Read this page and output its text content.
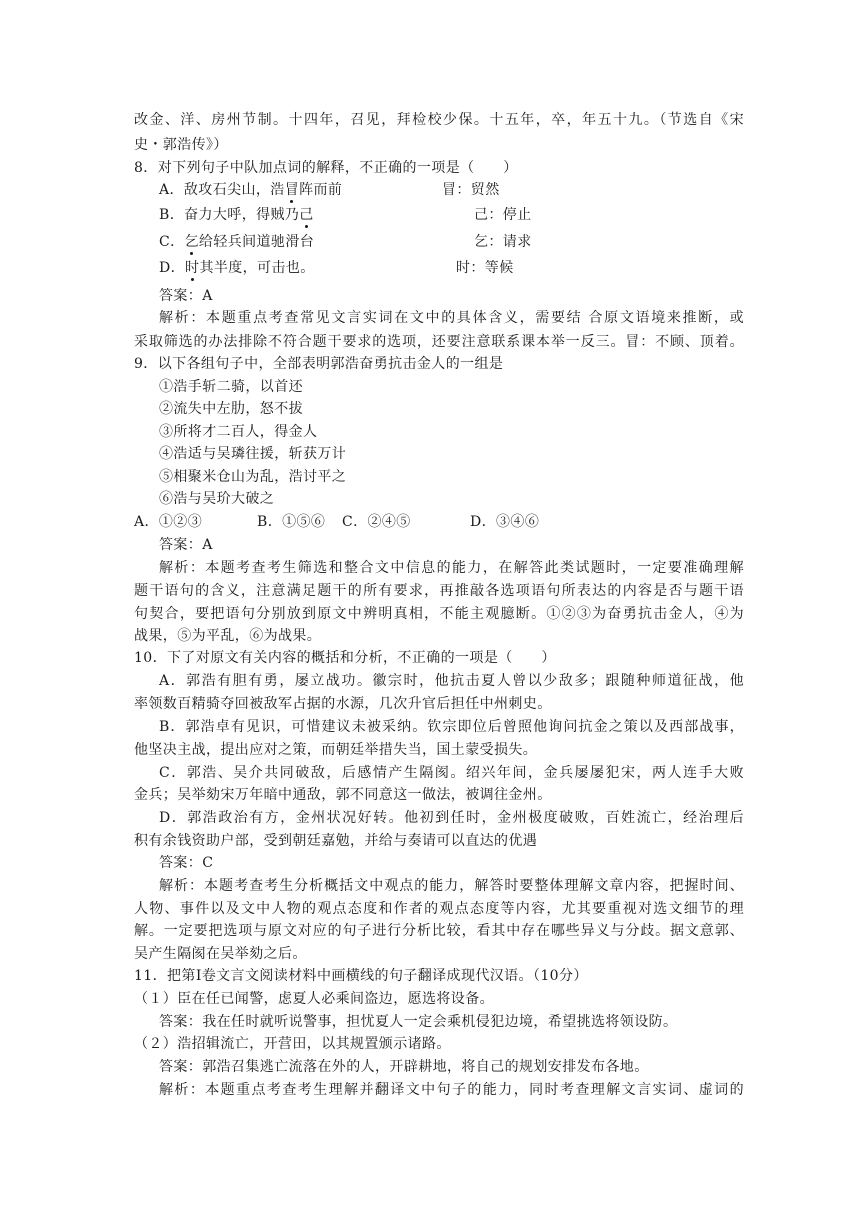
改金、洋、房州节制。十四年，召见，拜检校少保。十五年，卒，年五十九。（节选自《宋
史・郭浩传》）
8．对下列句子中队加点词的解释，不正确的一项是（　　）
A．敌攻石尖山，浩冒阵而前	冒：贸然
B．奋力大呼，得贼乃己	己：停止
C．乞给轻兵间道驰滑台	乞：请求
D．时其半度，可击也。	时：等候
答案：A
解析：本题重点考查常见文言实词在文中的具体含义，需要结 合原文语境来推断，或
采取筛选的办法排除不符合题干要求的选项，还要注意联系课本举一反三。冒：不顾、顶着。
9．以下各组句子中，全部表明郭浩奋勇抗击金人的一组是
①浩手斩二骑，以首还
②流失中左肋，怒不拔
③所将才二百人，得金人
④浩适与吴璘往援，斩获万计
⑤相聚米仓山为乱，浩讨平之
⑥浩与吴玠大破之
A．①②③	B．①⑤⑥ C．②④⑤	D．③④⑥
答案：A
解析：本题考查考生筛选和整合文中信息的能力，在解答此类试题时，一定要准确理解
题干语句的含义，注意满足题干的所有要求，再推敲各选项语句所表达的内容是否与题干语
句契合，要把语句分别放到原文中辨明真相，不能主观臆断。①②③为奋勇抗击金人，④为
战果，⑤为平乱，⑥为战果。
10．下了对原文有关内容的概括和分析，不正确的一项是（　　）
A．郭浩有胆有勇，屡立战功。徽宗时，他抗击夏人曾以少敌多；跟随种师道征战，他
率领数百精骑夺回被敌军占据的水源，几次升官后担任中州刺史。
B．郭浩卓有见识，可惜建议未被采纳。钦宗即位后曾照他询问抗金之策以及西部战事，
他坚决主战，提出应对之策，而朝廷举措失当，国土蒙受损失。
C．郭浩、吴介共同破敌，后感情产生隔阂。绍兴年间，金兵屡屡犯宋，两人连手大败
金兵；吴举劾宋万年暗中通敌，郭不同意这一做法，被调往金州。
D．郭浩政治有方，金州状况好转。他初到任时，金州极度破败，百姓流亡，经治理后
积有余钱资助户部，受到朝廷嘉勉，并给与奏请可以直达的优遇
答案：C
解析：本题考查考生分析概括文中观点的能力，解答时要整体理解文章内容，把握时间、
人物、事件以及文中人物的观点态度和作者的观点态度等内容，尤其要重视对选文细节的理
解。一定要把选项与原文对应的句子进行分析比较，看其中存在哪些异义与分歧。据文意郭、
吴产生隔阂在吴举劾之后。
11．把第Ⅰ卷文言文阅读材料中画横线的句子翻译成现代汉语。（10分）
（１）臣在任已闻警，虑夏人必乘间盗边，愿选将设备。
答案：我在任时就听说警事，担忧夏人一定会乘机侵犯边境，希望挑选将领设防。
（２）浩招辑流亡，开营田，以其规置颁示诸路。
答案：郭浩召集逃亡流落在外的人，开辟耕地，将自己的规划安排发布各地。
解析：本题重点考查考生理解并翻译文中句子的能力，同时考查理解文言实词、虚词的
